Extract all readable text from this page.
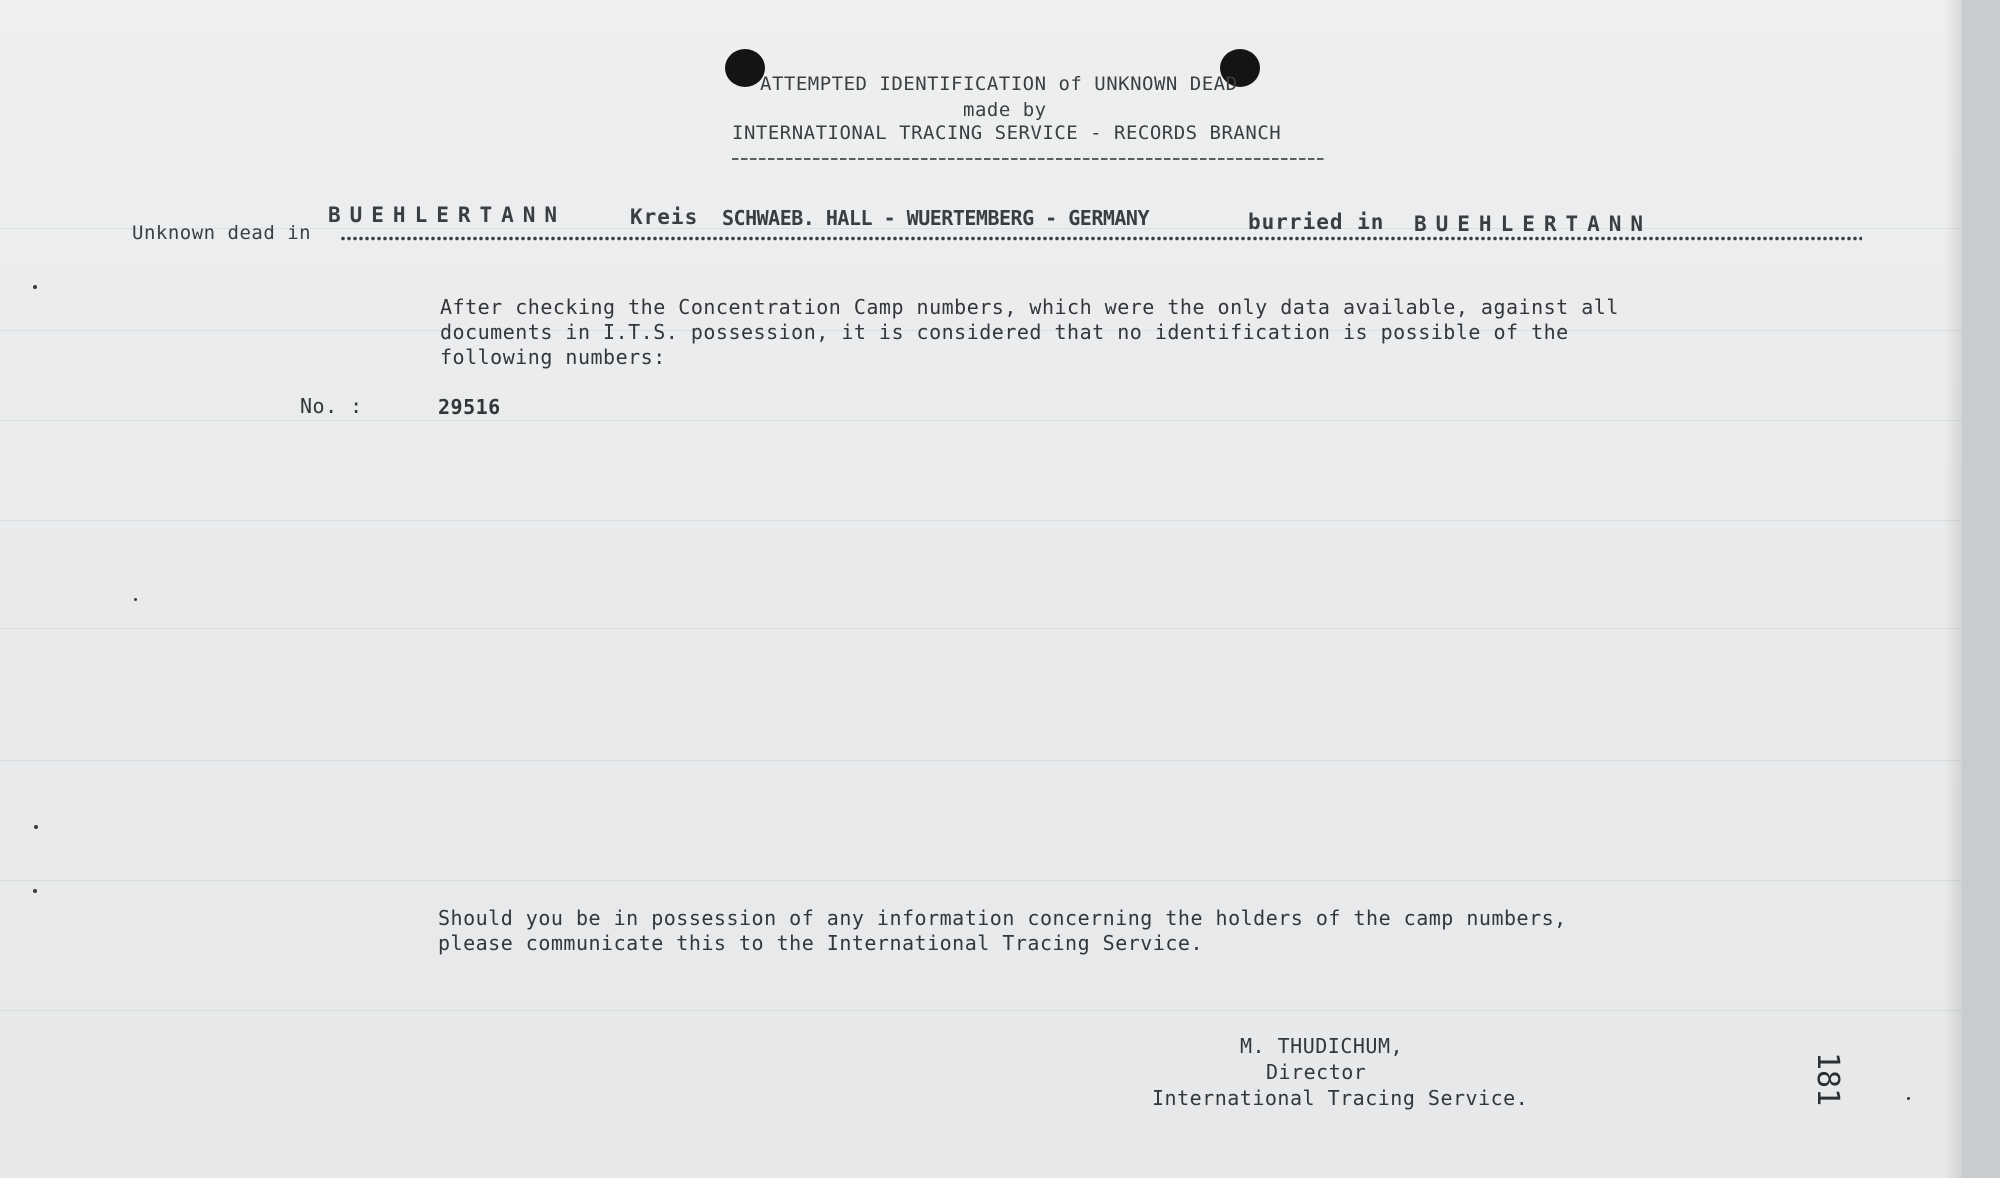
ATTEMPTED IDENTIFICATION of UNKNOWN DEAD
made by
INTERNATIONAL TRACING SERVICE - RECORDS BRANCH
Unknown dead in
BUEHLERTANN	Kreis SCHWAEB. HALL - WUERTEMBERG - GERMANY	burried in BUEHLERTANN
After checking the Concentration Camp numbers, which were the only data available, against all
documents in I.T.S. possession, it is considered that no identification is possible of the
following numbers:
No. :	29516
Should you be in possession of any information concerning the holders of the camp numbers,
please communicate this to the International Tracing Service.
M. THUDICHUM,
Director
International Tracing Service.	181
